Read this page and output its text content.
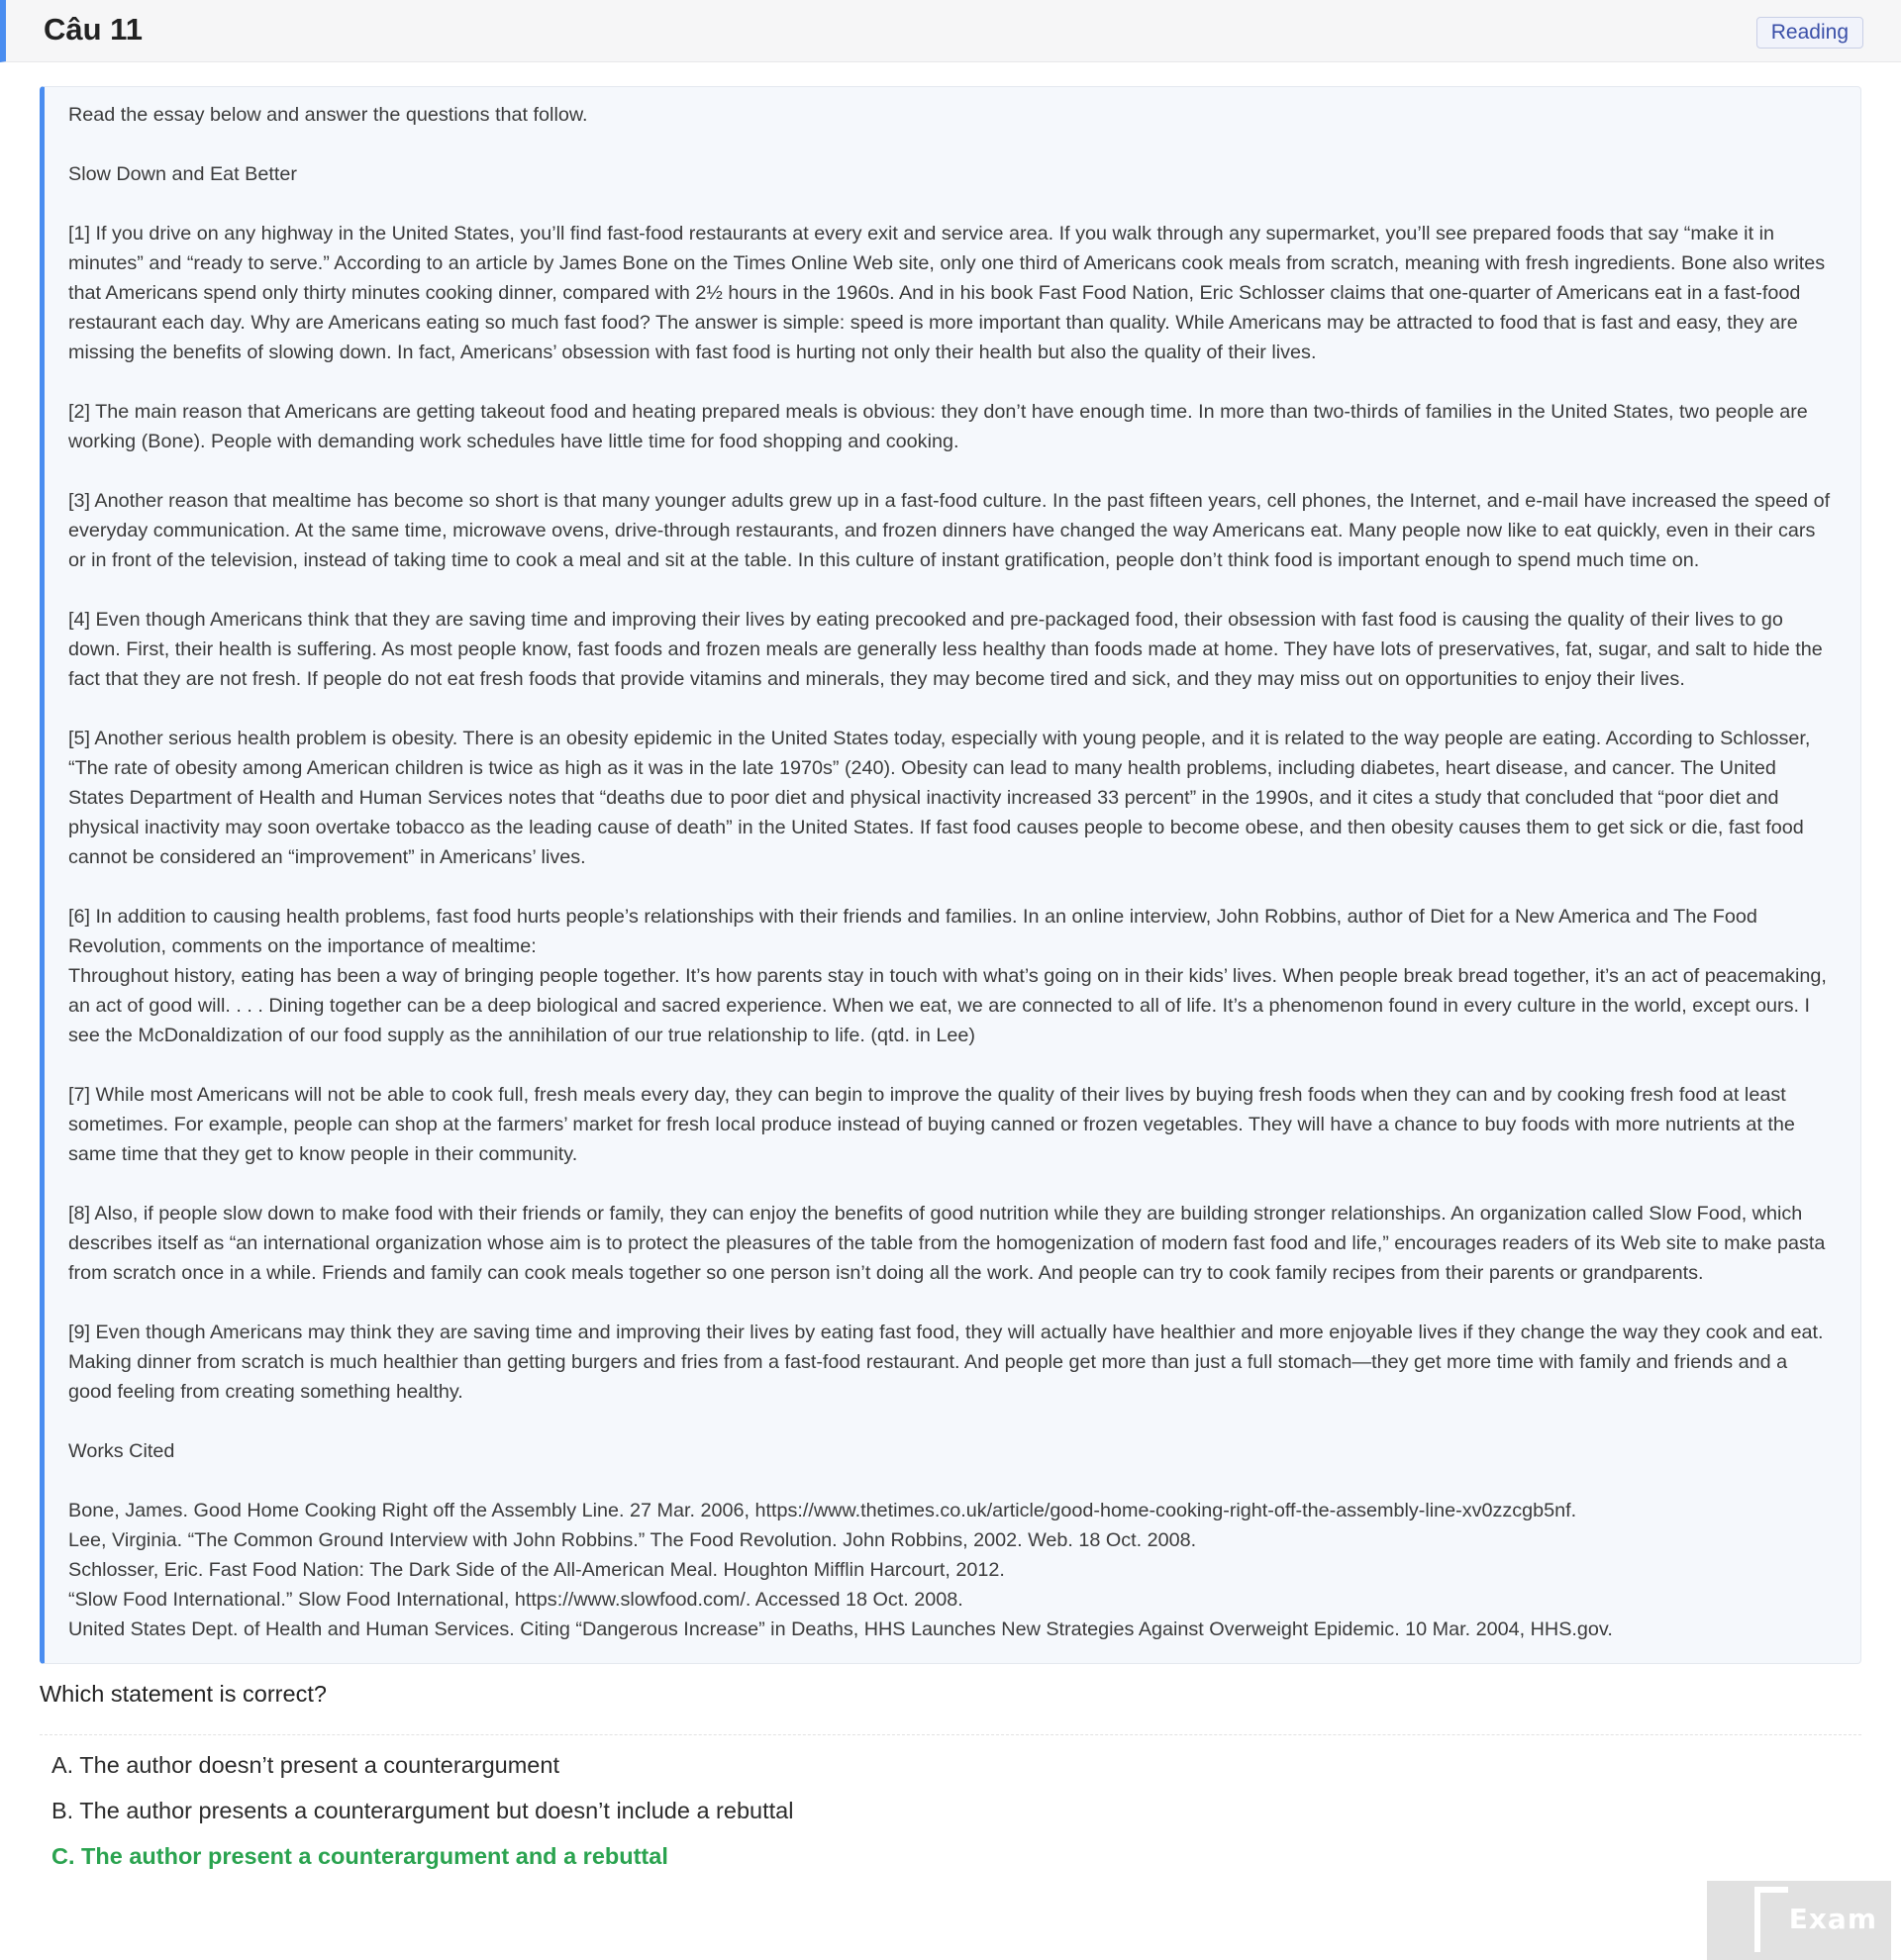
Câu 11	Reading

Read the essay below and answer the questions that follow.

Slow Down and Eat Better

[1] If you drive on any highway in the United States, you’ll find fast-food restaurants at every exit and service area. If you walk through any supermarket, you’ll see prepared foods that say “make it in minutes” and “ready to serve.” According to an article by James Bone on the Times Online Web site, only one third of Americans cook meals from scratch, meaning with fresh ingredients. Bone also writes that Americans spend only thirty minutes cooking dinner, compared with 2½ hours in the 1960s. And in his book Fast Food Nation, Eric Schlosser claims that one-quarter of Americans eat in a fast-food restaurant each day. Why are Americans eating so much fast food? The answer is simple: speed is more important than quality. While Americans may be attracted to food that is fast and easy, they are missing the benefits of slowing down. In fact, Americans’ obsession with fast food is hurting not only their health but also the quality of their lives.

[2] The main reason that Americans are getting takeout food and heating prepared meals is obvious: they don’t have enough time. In more than two-thirds of families in the United States, two people are working (Bone). People with demanding work schedules have little time for food shopping and cooking.

[3] Another reason that mealtime has become so short is that many younger adults grew up in a fast-food culture. In the past fifteen years, cell phones, the Internet, and e-mail have increased the speed of everyday communication. At the same time, microwave ovens, drive-through restaurants, and frozen dinners have changed the way Americans eat. Many people now like to eat quickly, even in their cars or in front of the television, instead of taking time to cook a meal and sit at the table. In this culture of instant gratification, people don’t think food is important enough to spend much time on.

[4] Even though Americans think that they are saving time and improving their lives by eating precooked and pre-packaged food, their obsession with fast food is causing the quality of their lives to go down. First, their health is suffering. As most people know, fast foods and frozen meals are generally less healthy than foods made at home. They have lots of preservatives, fat, sugar, and salt to hide the fact that they are not fresh. If people do not eat fresh foods that provide vitamins and minerals, they may become tired and sick, and they may miss out on opportunities to enjoy their lives.

[5] Another serious health problem is obesity. There is an obesity epidemic in the United States today, especially with young people, and it is related to the way people are eating. According to Schlosser, “The rate of obesity among American children is twice as high as it was in the late 1970s” (240). Obesity can lead to many health problems, including diabetes, heart disease, and cancer. The United States Department of Health and Human Services notes that “deaths due to poor diet and physical inactivity increased 33 percent” in the 1990s, and it cites a study that concluded that “poor diet and physical inactivity may soon overtake tobacco as the leading cause of death” in the United States. If fast food causes people to become obese, and then obesity causes them to get sick or die, fast food cannot be considered an “improvement” in Americans’ lives.

[6] In addition to causing health problems, fast food hurts people’s relationships with their friends and families. In an online interview, John Robbins, author of Diet for a New America and The Food Revolution, comments on the importance of mealtime:

Throughout history, eating has been a way of bringing people together. It’s how parents stay in touch with what’s going on in their kids’ lives. When people break bread together, it’s an act of peacemaking, an act of good will. . . . Dining together can be a deep biological and sacred experience. When we eat, we are connected to all of life. It’s a phenomenon found in every culture in the world, except ours. I see the McDonaldization of our food supply as the annihilation of our true relationship to life. (qtd. in Lee)

[7] While most Americans will not be able to cook full, fresh meals every day, they can begin to improve the quality of their lives by buying fresh foods when they can and by cooking fresh food at least sometimes. For example, people can shop at the farmers’ market for fresh local produce instead of buying canned or frozen vegetables. They will have a chance to buy foods with more nutrients at the same time that they get to know people in their community.

[8] Also, if people slow down to make food with their friends or family, they can enjoy the benefits of good nutrition while they are building stronger relationships. An organization called Slow Food, which describes itself as “an international organization whose aim is to protect the pleasures of the table from the homogenization of modern fast food and life,” encourages readers of its Web site to make pasta from scratch once in a while. Friends and family can cook meals together so one person isn’t doing all the work. And people can try to cook family recipes from their parents or grandparents.

[9] Even though Americans may think they are saving time and improving their lives by eating fast food, they will actually have healthier and more enjoyable lives if they change the way they cook and eat. Making dinner from scratch is much healthier than getting burgers and fries from a fast-food restaurant. And people get more than just a full stomach—they get more time with family and friends and a good feeling from creating something healthy.

Works Cited

Bone, James. Good Home Cooking Right off the Assembly Line. 27 Mar. 2006, https://www.thetimes.co.uk/article/good-home-cooking-right-off-the-assembly-line-xv0zzcgb5nf.

Lee, Virginia. “The Common Ground Interview with John Robbins.” The Food Revolution. John Robbins, 2002. Web. 18 Oct. 2008.

Schlosser, Eric. Fast Food Nation: The Dark Side of the All-American Meal. Houghton Mifflin Harcourt, 2012.

“Slow Food International.” Slow Food International, https://www.slowfood.com/. Accessed 18 Oct. 2008.

United States Dept. of Health and Human Services. Citing “Dangerous Increase” in Deaths, HHS Launches New Strategies Against Overweight Epidemic. 10 Mar. 2004, HHS.gov.

Which statement is correct?

A. The author doesn’t present a counterargument

B. The author presents a counterargument but doesn’t include a rebuttal

C. The author present a counterargument and a rebuttal

Exam
